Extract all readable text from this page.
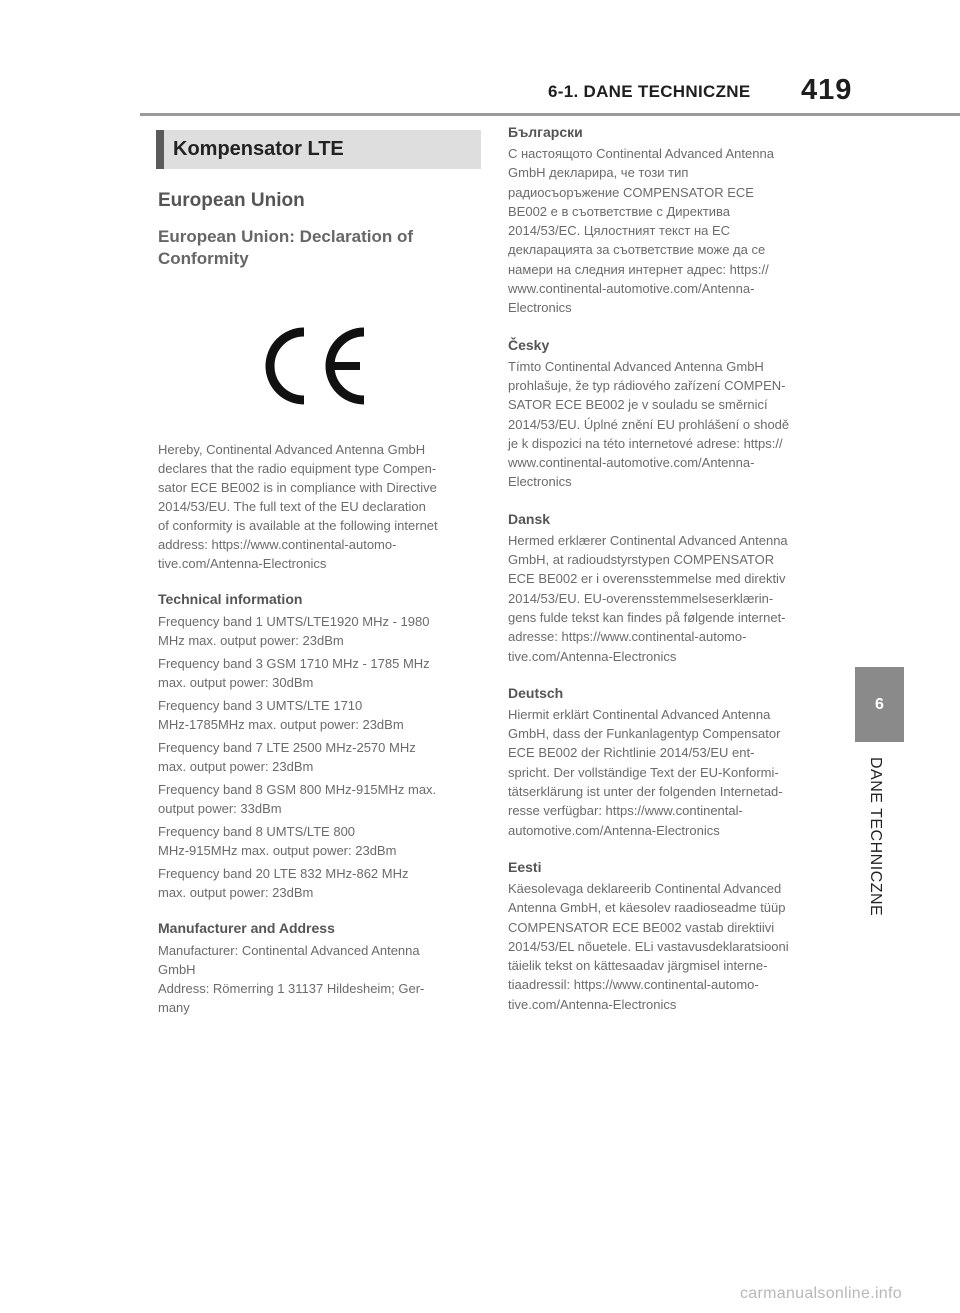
6-1. DANE TECHNICZNE 419
6
DANE TECHNICZNE
Kompensator LTE
European Union
European Union: Declaration of
Conformity
Hereby, Continental Advanced Antenna GmbH
declares that the radio equipment type Compen-
sator ECE BE002 is in compliance with Directive
2014/53/EU. The full text of the EU declaration
of conformity is available at the following internet
address: https://www.continental-automo-
tive.com/Antenna-Electronics
Technical information
Frequency band 1 UMTS/LTE1920 MHz - 1980
MHz max. output power: 23dBm
Frequency band 3 GSM 1710 MHz - 1785 MHz
max. output power: 30dBm
Frequency band 3 UMTS/LTE 1710
MHz-1785MHz max. output power: 23dBm
Frequency band 7 LTE 2500 MHz-2570 MHz
max. output power: 23dBm
Frequency band 8 GSM 800 MHz-915MHz max.
output power: 33dBm
Frequency band 8 UMTS/LTE 800
MHz-915MHz max. output power: 23dBm
Frequency band 20 LTE 832 MHz-862 MHz
max. output power: 23dBm
Manufacturer and Address
Manufacturer: Continental Advanced Antenna
GmbH
Address: Römerring 1 31137 Hildesheim; Ger-
many
Български
С настоящото Continental Advanced Antenna
GmbH декларира, че този тип
радиосъоръжение COMPENSATOR ECE
BE002 е в съответствие с Директива
2014/53/ЕС. Цялостният текст на ЕС
декларацията за съответствие може да се
намери на следния интернет адрес: https://
www.continental-automotive.com/Antenna-
Electronics
Česky
Tímto Continental Advanced Antenna GmbH
prohlašuje, že typ rádiového zařízení COMPEN-
SATOR ECE BE002 je v souladu se směrnicí
2014/53/EU. Úplné znění EU prohlášení o shodě
je k dispozici na této internetové adrese: https://
www.continental-automotive.com/Antenna-
Electronics
Dansk
Hermed erklærer Continental Advanced Antenna
GmbH, at radioudstyrstypen COMPENSATOR
ECE BE002 er i overensstemmelse med direktiv
2014/53/EU. EU-overensstemmelseserklærin-
gens fulde tekst kan findes på følgende internet-
adresse: https://www.continental-automo-
tive.com/Antenna-Electronics
Deutsch
Hiermit erklärt Continental Advanced Antenna
GmbH, dass der Funkanlagentyp Compensator
ECE BE002 der Richtlinie 2014/53/EU ent-
spricht. Der vollständige Text der EU-Konformi-
tätserklärung ist unter der folgenden Internetad-
resse verfügbar: https://www.continental-
automotive.com/Antenna-Electronics
Eesti
Käesolevaga deklareerib Continental Advanced
Antenna GmbH, et käesolev raadioseadme tüüp
COMPENSATOR ECE BE002 vastab direktiivi
2014/53/EL nõuetele. ELi vastavusdeklaratsiooni
täielik tekst on kättesaadav järgmisel interne-
tiaadressil: https://www.continental-automo-
tive.com/Antenna-Electronics
carmanualsonline.info
